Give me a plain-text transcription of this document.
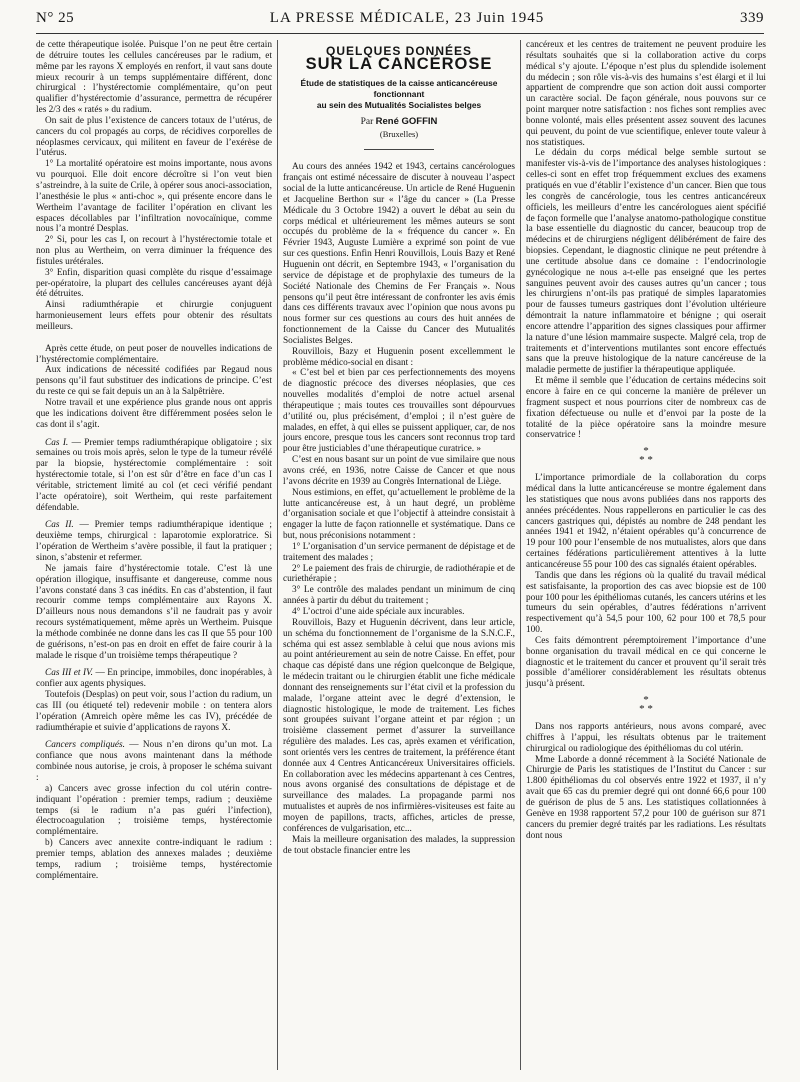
N° 25	LA PRESSE MÉDICALE, 23 Juin 1945	339

de cette thérapeutique isolée. Puisque l’on ne peut être certain de détruire toutes les cellules cancéreuses par le radium, et même par les rayons X employés en renfort, il vaut sans doute mieux recourir à un temps supplémentaire différent, donc chirurgical : l’hystérectomie complémentaire, qu’on peut qualifier d’hystérectomie d’assurance, permettra de récupérer les 2/3 des « ratés » du radium.

On sait de plus l’existence de cancers totaux de l’utérus, de cancers du col propagés au corps, de récidives corporelles de néoplasmes cervicaux, qui militent en faveur de l’exérèse de l’utérus.

1° La mortalité opératoire est moins importante, nous avons vu pourquoi. Elle doit encore décroître si l’on veut bien s’astreindre, à la suite de Crile, à opérer sous anoci-association, l’anesthésie le plus « anti-choc », qui présente encore dans le Wertheim l’avantage de faciliter l’opération en clivant les espaces décollables par l’infiltration novocaïnique, comme nous l’a montré Desplas.

2° Si, pour les cas I, on recourt à l’hystérectomie totale et non plus au Wertheim, on verra diminuer la fréquence des fistules urétérales.

3° Enfin, disparition quasi complète du risque d’essaimage per-opératoire, la plupart des cellules cancéreuses ayant déjà été détruites.

Ainsi radiumthérapie et chirurgie conjuguent harmonieusement leurs effets pour obtenir des résultats meilleurs.

Après cette étude, on peut poser de nouvelles indications de l’hystérectomie complémentaire.

Aux indications de nécessité codifiées par Regaud nous pensons qu’il faut substituer des indications de principe. C’est du reste ce qui se fait depuis un an à la Salpêtrière.

Notre travail et une expérience plus grande nous ont appris que les indications doivent être différemment posées selon le cas dont il s’agit.

Cas I. — Premier temps radiumthérapique obligatoire ; six semaines ou trois mois après, selon le type de la tumeur révélé par la biopsie, hystérectomie complémentaire : soit hystérectomie totale, si l’on est sûr d’être en face d’un cas I véritable, strictement limité au col (et ceci vérifié pendant l’acte opératoire), soit Wertheim, qui reste parfaitement défendable.

Cas II. — Premier temps radiumthérapique identique ; deuxième temps, chirurgical : laparotomie exploratrice. Si l’opération de Wertheim s’avère possible, il faut la pratiquer ; sinon, s’abstenir et refermer.

Ne jamais faire d’hystérectomie totale. C’est là une opération illogique, insuffisante et dangereuse, comme nous l’avons constaté dans 3 cas inédits. En cas d’abstention, il faut recourir comme temps complémentaire aux Rayons X. D’ailleurs nous nous demandons s’il ne faudrait pas y avoir recours systématiquement, même après un Wertheim. Puisque la méthode combinée ne donne dans les cas II que 55 pour 100 de guérisons, n’est-on pas en droit en effet de faire courir à la malade le risque d’un troisième temps thérapeutique ?

Cas III et IV. — En principe, immobiles, donc inopérables, à confier aux agents physiques.

Toutefois (Desplas) on peut voir, sous l’action du radium, un cas III (ou étiqueté tel) redevenir mobile : on tentera alors l’opération (Amreich opère même les cas IV), précédée de radiumthérapie et suivie d’applications de rayons X.

Cancers compliqués. — Nous n’en dirons qu’un mot. La confiance que nous avons maintenant dans la méthode combinée nous autorise, je crois, à proposer le schéma suivant :

a) Cancers avec grosse infection du col utérin contre-indiquant l’opération : premier temps, radium ; deuxième temps (si le radium n’a pas guéri l’infection), électrocoagulation ; troisième temps, hystérectomie complémentaire.

b) Cancers avec annexite contre-indiquant le radium : premier temps, ablation des annexes malades ; deuxième temps, radium ; troisième temps, hystérectomie complémentaire.

QUELQUES DONNÉES
SUR LA CANCÉROSE
Étude de statistiques de la caisse anticancéreuse
fonctionnant
au sein des Mutualités Socialistes belges
Par René GOFFIN
(Bruxelles)

Au cours des années 1942 et 1943, certains cancérologues français ont estimé nécessaire de discuter à nouveau l’aspect social de la lutte anticancéreuse. Un article de René Huguenin et Jacqueline Berthon sur « l’âge du cancer » (La Presse Médicale du 3 Octobre 1942) a ouvert le débat au sein du corps médical et ultérieurement les mêmes auteurs se sont occupés du problème de la « fréquence du cancer ». En Février 1943, Auguste Lumière a exprimé son point de vue sur ces questions. Enfin Henri Rouvillois, Louis Bazy et René Huguenin ont décrit, en Septembre 1943, « l’organisation du service de dépistage et de prophylaxie des tumeurs de la Société Nationale des Chemins de Fer Français ». Nous pensons qu’il peut être intéressant de confronter les avis émis dans ces différents travaux avec l’opinion que nous avons pu nous former sur ces questions au cours des huit années de fonctionnement de la Caisse du Cancer des Mutualités Socialistes Belges.

Rouvillois, Bazy et Huguenin posent excellemment le problème médico-social en disant :

« C’est bel et bien par ces perfectionnements des moyens de diagnostic précoce des diverses néoplasies, que ces nouvelles modalités d’emploi de notre actuel arsenal thérapeutique ; mais toutes ces trouvailles sont dépourvues d’utilité ou, plus précisément, d’emploi ; il n’est guère de malades, en effet, à qui elles se puissent appliquer, car, de nos jours encore, presque tous les cancers sont reconnus trop tard pour être justiciables d’une thérapeutique curatrice. »

C’est en nous basant sur un point de vue similaire que nous avons créé, en 1936, notre Caisse de Cancer et que nous l’avons décrite en 1939 au Congrès International de Liège.

Nous estimions, en effet, qu’actuellement le problème de la lutte anticancéreuse est, à un haut degré, un problème d’organisation sociale et que l’objectif à atteindre consistait à engager la lutte de façon rationnelle et systématique. Dans ce but, nous préconisions notamment :

1° L’organisation d’un service permanent de dépistage et de traitement des malades ;

2° Le paiement des frais de chirurgie, de radiothérapie et de curiethérapie ;

3° Le contrôle des malades pendant un minimum de cinq années à partir du début du traitement ;

4° L’octroi d’une aide spéciale aux incurables.

Rouvillois, Bazy et Huguenin décrivent, dans leur article, un schéma du fonctionnement de l’organisme de la S.N.C.F., schéma qui est assez semblable à celui que nous avions mis au point antérieurement au sein de notre Caisse. En effet, pour chaque cas dépisté dans une région quelconque de Belgique, le médecin traitant ou le chirurgien établit une fiche médicale donnant des renseignements sur l’état civil et la profession du malade, l’organe atteint avec le degré d’extension, le diagnostic histologique, le mode de traitement. Les fiches sont groupées suivant l’organe atteint et par région ; un troisième classement permet d’assurer la surveillance régulière des malades. Les cas, après examen et vérification, sont orientés vers les centres de traitement, la préférence étant donnée aux 4 Centres Anticancéreux Universitaires officiels. En collaboration avec les médecins appartenant à ces Centres, nous avons organisé des consultations de dépistage et de surveillance des malades. La propagande parmi nos mutualistes et auprès de nos infirmières-visiteuses est faite au moyen de papillons, tracts, affiches, articles de presse, conférences de vulgarisation, etc...

Mais la meilleure organisation des malades, la suppression de tout obstacle financier entre les

cancéreux et les centres de traitement ne peuvent produire les résultats souhaités que si la collaboration active du corps médical s’y ajoute. L’époque n’est plus du splendide isolement du médecin ; son rôle vis-à-vis des humains s’est élargi et il lui appartient de comprendre que son action doit aussi comporter un caractère social. De façon générale, nous pouvons sur ce point marquer notre satisfaction : nos fiches sont remplies avec bonne volonté, mais elles présentent assez souvent des lacunes qui peuvent, du point de vue scientifique, enlever toute valeur à nos statistiques.

Le dédain du corps médical belge semble surtout se manifester vis-à-vis de l’importance des analyses histologiques : celles-ci sont en effet trop fréquemment exclues des examens pratiqués en vue d’établir l’existence d’un cancer. Bien que tous les congrès de cancérologie, tous les centres anticancéreux officiels, les meilleurs d’entre les cancérologues aient spécifié de façon formelle que l’analyse anatomo-pathologique constitue la base essentielle du diagnostic du cancer, beaucoup trop de médecins et de chirurgiens négligent délibérément de faire des biopsies. Cependant, le diagnostic clinique ne peut prétendre à une certitude absolue dans ce domaine : l’endocrinologie gynécologique ne nous a-t-elle pas enseigné que les pertes sanguines peuvent avoir des causes autres qu’un cancer ; tous les chirurgiens n’ont-ils pas pratiqué de simples laparatomies pour de fausses tumeurs gastriques dont l’évolution ultérieure démontrait la nature inflammatoire et bénigne ; qui oserait encore attendre l’apparition des signes classiques pour affirmer la nature d’une lésion mammaire suspecte. Malgré cela, trop de traitements et d’interventions mutilantes sont encore effectués sans que la preuve histologique de la nature cancéreuse de la maladie permette de justifier la thérapeutique appliquée.

Et même il semble que l’éducation de certains médecins soit encore à faire en ce qui concerne la manière de prélever un fragment suspect et nous pourrions citer de nombreux cas de fixation défectueuse ou nulle et d’envoi par la poste de la totalité de la pièce opératoire sans la moindre mesure conservatrice !

*
* *

L’importance primordiale de la collaboration du corps médical dans la lutte anticancéreuse se montre également dans les statistiques que nous avons publiées dans nos rapports des années précédentes. Nous rappellerons en particulier le cas des cancers gastriques qui, dépistés au nombre de 248 pendant les années 1941 et 1942, n’étaient opérables qu’à concurrence de 19 pour 100 pour l’ensemble de nos mutualistes, alors que dans certaines fédérations particulièrement attentives à la lutte anticancéreuse 55 pour 100 des cas signalés étaient opérables.

Tandis que dans les régions où la qualité du travail médical est satisfaisante, la proportion des cas avec biopsie est de 100 pour 100 pour les épithéliomas cutanés, les cancers utérins et les tumeurs du sein opérables, d’autres fédérations n’arrivent respectivement qu’à 54,5 pour 100, 62 pour 100 et 78,5 pour 100.

Ces faits démontrent péremptoirement l’importance d’une bonne organisation du travail médical en ce qui concerne le diagnostic et le traitement du cancer et prouvent qu’il serait très possible d’améliorer considérablement les résultats obtenus jusqu’à présent.

*
* *

Dans nos rapports antérieurs, nous avons comparé, avec chiffres à l’appui, les résultats obtenus par le traitement chirurgical ou radiologique des épithéliomas du col utérin.

Mme Laborde a donné récemment à la Société Nationale de Chirurgie de Paris les statistiques de l’Institut du Cancer : sur 1.800 épithéliomas du col observés entre 1922 et 1937, il n’y avait que 65 cas du premier degré qui ont donné 66,6 pour 100 de guérison de plus de 5 ans. Les statistiques collationnées à Genève en 1938 rapportent 57,2 pour 100 de guérison sur 871 cancers du premier degré traités par les radiations. Les résultats dont nous
